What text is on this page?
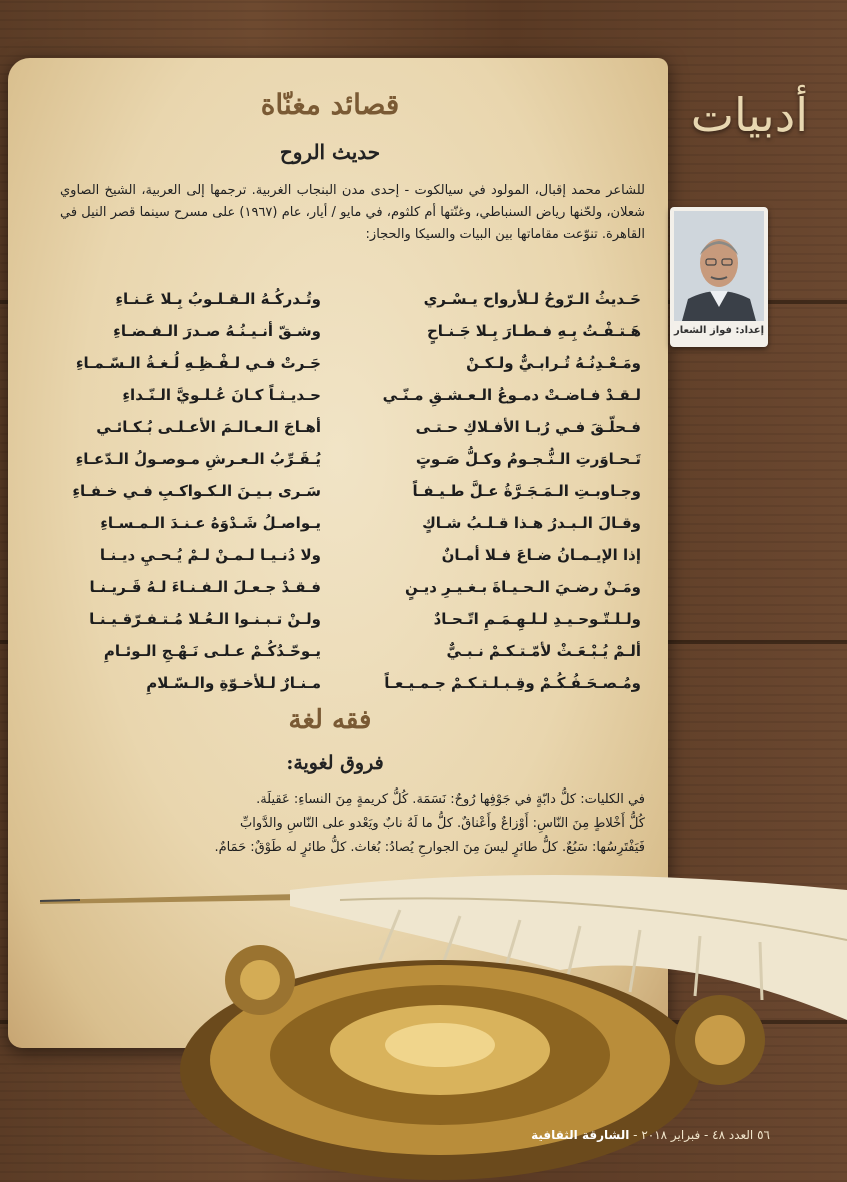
أدبيات
إعداد: فواز الشعار
قصائد مغنّاة
حديث الروح
للشاعر محمد إقبال، المولود في سيالكوت - إحدى مدن البنجاب الغربية. ترجمها إلى العربية، الشيخ الصاوي شعلان، ولحّنها رياض السنباطي، وغنّتها أم كلثوم، في مايو / أيار، عام (١٩٦٧) على مسرح سينما قصر النيل في القاهرة. تنوّعت مقاماتها بين البيات والسيكا والحجاز:
حَـديثُ الـرّوحُ لـلأرواح يـسْـري
وتُـدركُـهُ الـقـلـوبُ بِـلا عَـنـاءِ
هَـتـفْـتُ بِـهِ فـطـارَ بِـلا جَـنـاحٍ
وشـقّ أنـيـنُـهُ صـدرَ الـفـضـاءِ
ومَـعْـدِنُـهُ تُـرابـيٌّ ولـكـنْ
جَـرتْ فـي لـفْـظِـهِ لُـغـةُ الـسّـمـاءِ
لـقـدْ فـاضـتْ دمـوعُ الـعـشـقِ مـنّـي
حـديـثـاً كـانَ عُـلـويَّ الـنّـداءِ
فـحلّـقَ فـي رُبـا الأفـلاكِ حـتـى
أهـاجَ الـعـالـمَ الأعـلـى بُـكـائـي
تَـحـاوَرتِ الـنُّـجـومُ وكـلُّ صَـوتٍ
يُـقَـرِّبُ الـعـرشِ مـوصـولُ الـدّعـاءِ
وجـاوبـتِ الـمَـجَـرَّةُ عـلَّ طـيـفـاً
سَـرى بـيـنَ الـكـواكـبِ فـي خـفـاءِ
وقـالَ الـبـدرُ هـذا قـلـبُ شـاكٍ
يـواصـلُ شَـدْوَهُ عـنـدَ الـمـسـاءِ
إذا الإيـمـانُ ضـاعَ فـلا أمـانٌ
ولا دُنـيـا لـمـنْ لـمْ يُـحـيِ ديـنـا
ومَـنْ رضـيَ الـحـيـاةَ بـغـيـرِ ديـنٍ
فـقـدْ جـعـلَ الـفـنـاءَ لـهُ قَـريـنـا
ولـلـتّـوحـيـدِ لـلـهِـمَـمِ اتّـحـادٌ
ولـنْ تـبـنـوا الـعُـلا مُـتـفـرّقـيـنـا
ألـمْ يُـبْـعَـثْ لأمّـتـكـمْ نـبـيٌّ
يـوحّـدُكُـمْ عـلـى نَـهْـجِ الـوئـامِ
ومُـصـحَـفُـكُـمْ وقِـبـلـتـكـمْ جـمـيـعـاً
مـنـارٌ لـلأخـوّةِ والـسّـلامِ
فقه لغة
فروق لغوية:
في الكليات: كلُّ دابّةٍ في جَوْفِها رُوحٌ: نَسَمَة. كُلُّ كريمةٍ مِنَ النساءِ: عَقيلَة.
كُلُّ أَخْلاطٍ مِنَ النّاسِ: أَوْزاعٌ وأَعْناقٌ. كلُّ ما لَهُ نابٌ ويَعْدو على النّاسِ والدَّوابِّ
فَيَفْتَرِسُها: سَبُعٌ. كلُّ طائرٍ ليسَ مِنَ الجوارحِ يُصادُ: بُغاث. كلُّ طائرٍ له طَوْقٌ: حَمَامٌ.
٥٦ العدد ٤٨ - فبراير ٢٠١٨ - الشارقة الثقافية
